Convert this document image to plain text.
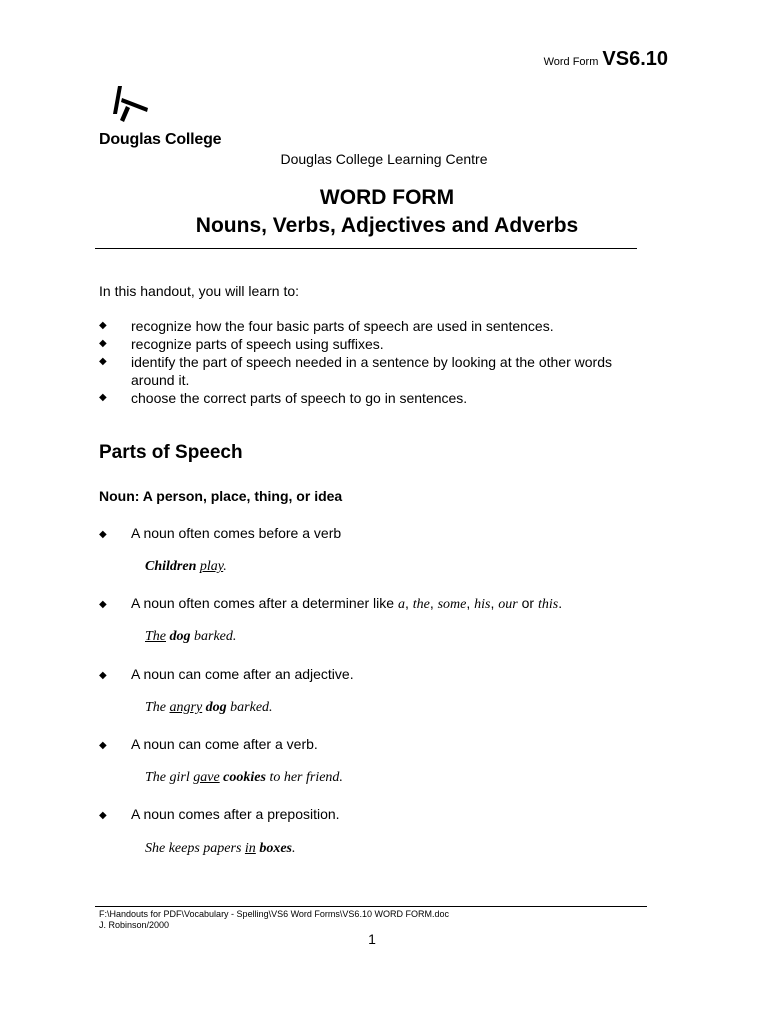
Word Form VS6.10
Douglas College
Douglas College Learning Centre
WORD FORM
Nouns, Verbs, Adjectives and Adverbs
In this handout, you will learn to:
◆ recognize how the four basic parts of speech are used in sentences.
◆ recognize parts of speech using suffixes.
◆ identify the part of speech needed in a sentence by looking at the other words around it.
◆ choose the correct parts of speech to go in sentences.
Parts of Speech
Noun: A person, place, thing, or idea
◆ A noun often comes before a verb
Children play.
◆ A noun often comes after a determiner like a, the, some, his, our or this.
The dog barked.
◆ A noun can come after an adjective.
The angry dog barked.
◆ A noun can come after a verb.
The girl gave cookies to her friend.
◆ A noun comes after a preposition.
She keeps papers in boxes.
F:\Handouts for PDF\Vocabulary - Spelling\VS6 Word Forms\VS6.10 WORD FORM.doc
J. Robinson/2000
1
